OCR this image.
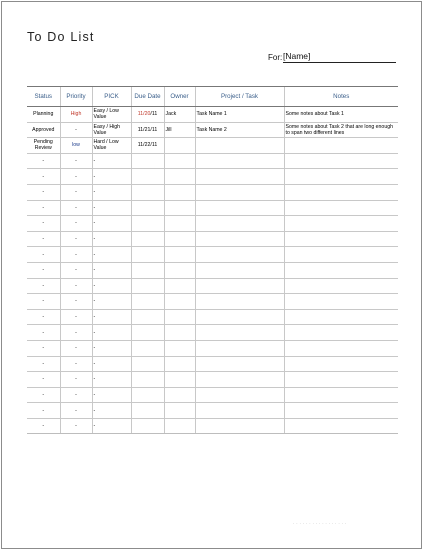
To Do List
For: [Name]
Status	Priority	PICK	Due Date	Owner	Project / Task	Notes
Planning	High	Easy / Low Value	11/20/11	Jack	Task Name 1	Some notes about Task 1
Approved	-	Easy / High Value	11/21/11	Jill	Task Name 2	Some notes about Task 2 that are long enough to span two different lines
Pending Review	low	Hard / Low Value	11/22/11			
-	-	-				
-	-	-				
-	-	-				
-	-	-				
-	-	-				
-	-	-				
-	-	-				
-	-	-				
-	-	-				
-	-	-				
-	-	-				
-	-	-				
-	-	-				
-	-	-				
-	-	-				
-	-	-				
-	-	-				
-	-	-				
· · · · · · · · · · · · · · · · ·
